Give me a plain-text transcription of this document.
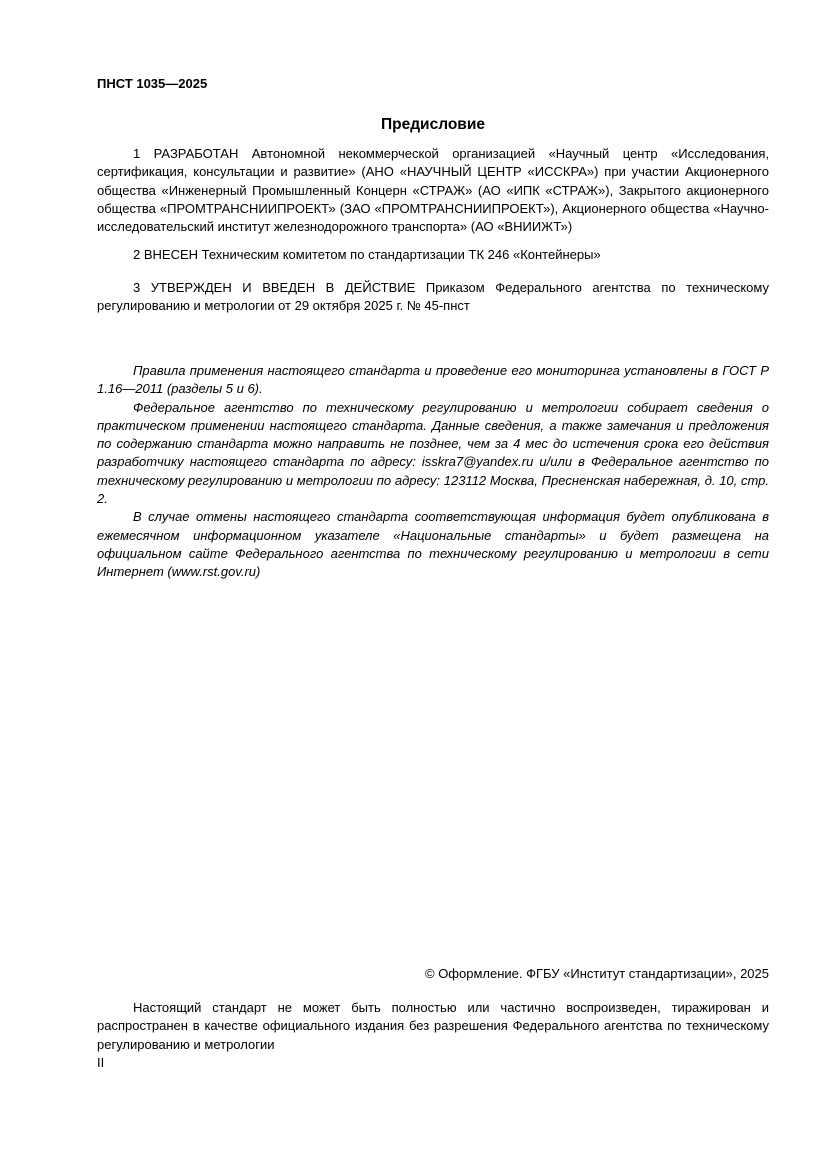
ПНСТ 1035—2025
Предисловие

1 РАЗРАБОТАН Автономной некоммерческой организацией «Научный центр «Исследования, сертификация, консультации и развитие» (АНО «НАУЧНЫЙ ЦЕНТР «ИССКРА») при участии Акционерного общества «Инженерный Промышленный Концерн «СТРАЖ» (АО «ИПК «СТРАЖ»), Закрытого акционерного общества «ПРОМТРАНСНИИПРОЕКТ» (ЗАО «ПРОМТРАНСНИИПРОЕКТ»), Акционерного общества «Научно-исследовательский институт железнодорожного транспорта» (АО «ВНИИЖТ»)

2 ВНЕСЕН Техническим комитетом по стандартизации ТК 246 «Контейнеры»

3 УТВЕРЖДЕН И ВВЕДЕН В ДЕЙСТВИЕ Приказом Федерального агентства по техническому регулированию и метрологии от 29 октября 2025 г. № 45-пнст

Правила применения настоящего стандарта и проведение его мониторинга установлены в ГОСТ Р 1.16—2011 (разделы 5 и 6).

Федеральное агентство по техническому регулированию и метрологии собирает сведения о практическом применении настоящего стандарта. Данные сведения, а также замечания и предложения по содержанию стандарта можно направить не позднее, чем за 4 мес до истечения срока его действия разработчику настоящего стандарта по адресу: isskra7@yandex.ru и/или в Федеральное агентство по техническому регулированию и метрологии по адресу: 123112 Москва, Пресненская набережная, д. 10, стр. 2.

В случае отмены настоящего стандарта соответствующая информация будет опубликована в ежемесячном информационном указателе «Национальные стандарты» и будет размещена на официальном сайте Федерального агентства по техническому регулированию и метрологии в сети Интернет (www.rst.gov.ru)

© Оформление. ФГБУ «Институт стандартизации», 2025

Настоящий стандарт не может быть полностью или частично воспроизведен, тиражирован и распространен в качестве официального издания без разрешения Федерального агентства по техническому регулированию и метрологии

II
